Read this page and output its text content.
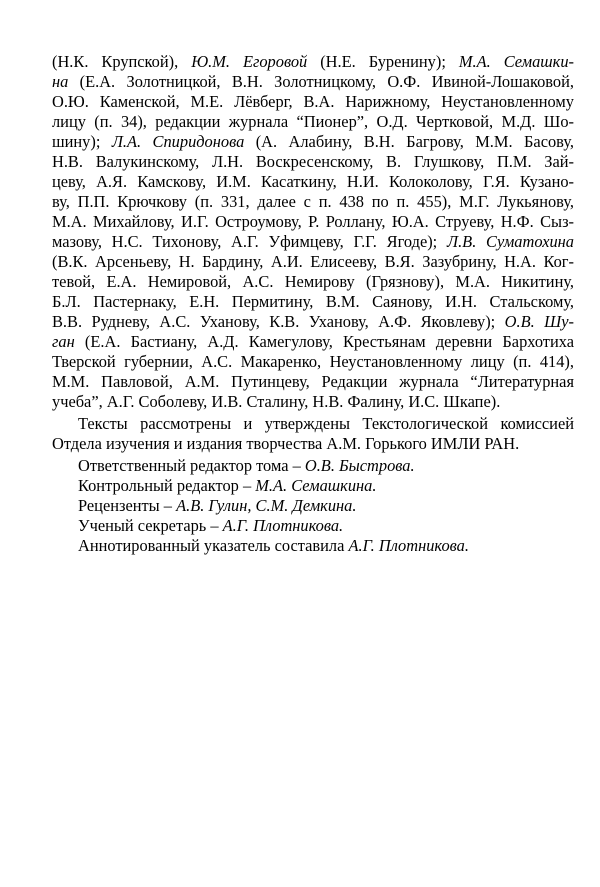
(Н.К. Крупской), Ю.М. Егоровой (Н.Е. Буренину); М.А. Семашки-
на (Е.А. Золотницкой, В.Н. Золотницкому, О.Ф. Ивиной-Лошаковой,
О.Ю. Каменской, М.Е. Лёвберг, В.А. Нарижному, Неустановленному
лицу (п. 34), редакции журнала “Пионер”, О.Д. Чертковой, М.Д. Шо-
шину); Л.А. Спиридонова (А. Алабину, В.Н. Багрову, М.М. Басову,
Н.В. Валукинскому, Л.Н. Воскресенскому, В. Глушкову, П.М. Зай-
цеву, А.Я. Камскову, И.М. Касаткину, Н.И. Колоколову, Г.Я. Кузано-
ву, П.П. Крючкову (п. 331, далее с п. 438 по п. 455), М.Г. Лукьянову,
М.А. Михайлову, И.Г. Остроумову, Р. Роллану, Ю.А. Струеву, Н.Ф. Сыз-
мазову, Н.С. Тихонову, А.Г. Уфимцеву, Г.Г. Ягоде); Л.В. Суматохина
(В.К. Арсеньеву, Н. Бардину, А.И. Елисееву, В.Я. Зазубрину, Н.А. Ког-
тевой, Е.А. Немировой, А.С. Немирову (Грязнову), М.А. Никитину,
Б.Л. Пастернаку, Е.Н. Пермитину, В.М. Саянову, И.Н. Стальскому,
В.В. Рудневу, А.С. Уханову, К.В. Уханову, А.Ф. Яковлеву); О.В. Шу-
ган (Е.А. Бастиану, А.Д. Камегулову, Крестьянам деревни Бархотиха
Тверской губернии, А.С. Макаренко, Неустановленному лицу (п. 414),
М.М. Павловой, А.М. Путинцеву, Редакции журнала “Литературная
учеба”, А.Г. Соболеву, И.В. Сталину, Н.В. Фалину, И.С. Шкапе).
Тексты рассмотрены и утверждены Текстологической комиссией
Отдела изучения и издания творчества А.М. Горького ИМЛИ РАН.
Ответственный редактор тома – О.В. Быстрова.
Контрольный редактор – М.А. Семашкина.
Рецензенты – А.В. Гулин, С.М. Демкина.
Ученый секретарь – А.Г. Плотникова.
Аннотированный указатель составила А.Г. Плотникова.
